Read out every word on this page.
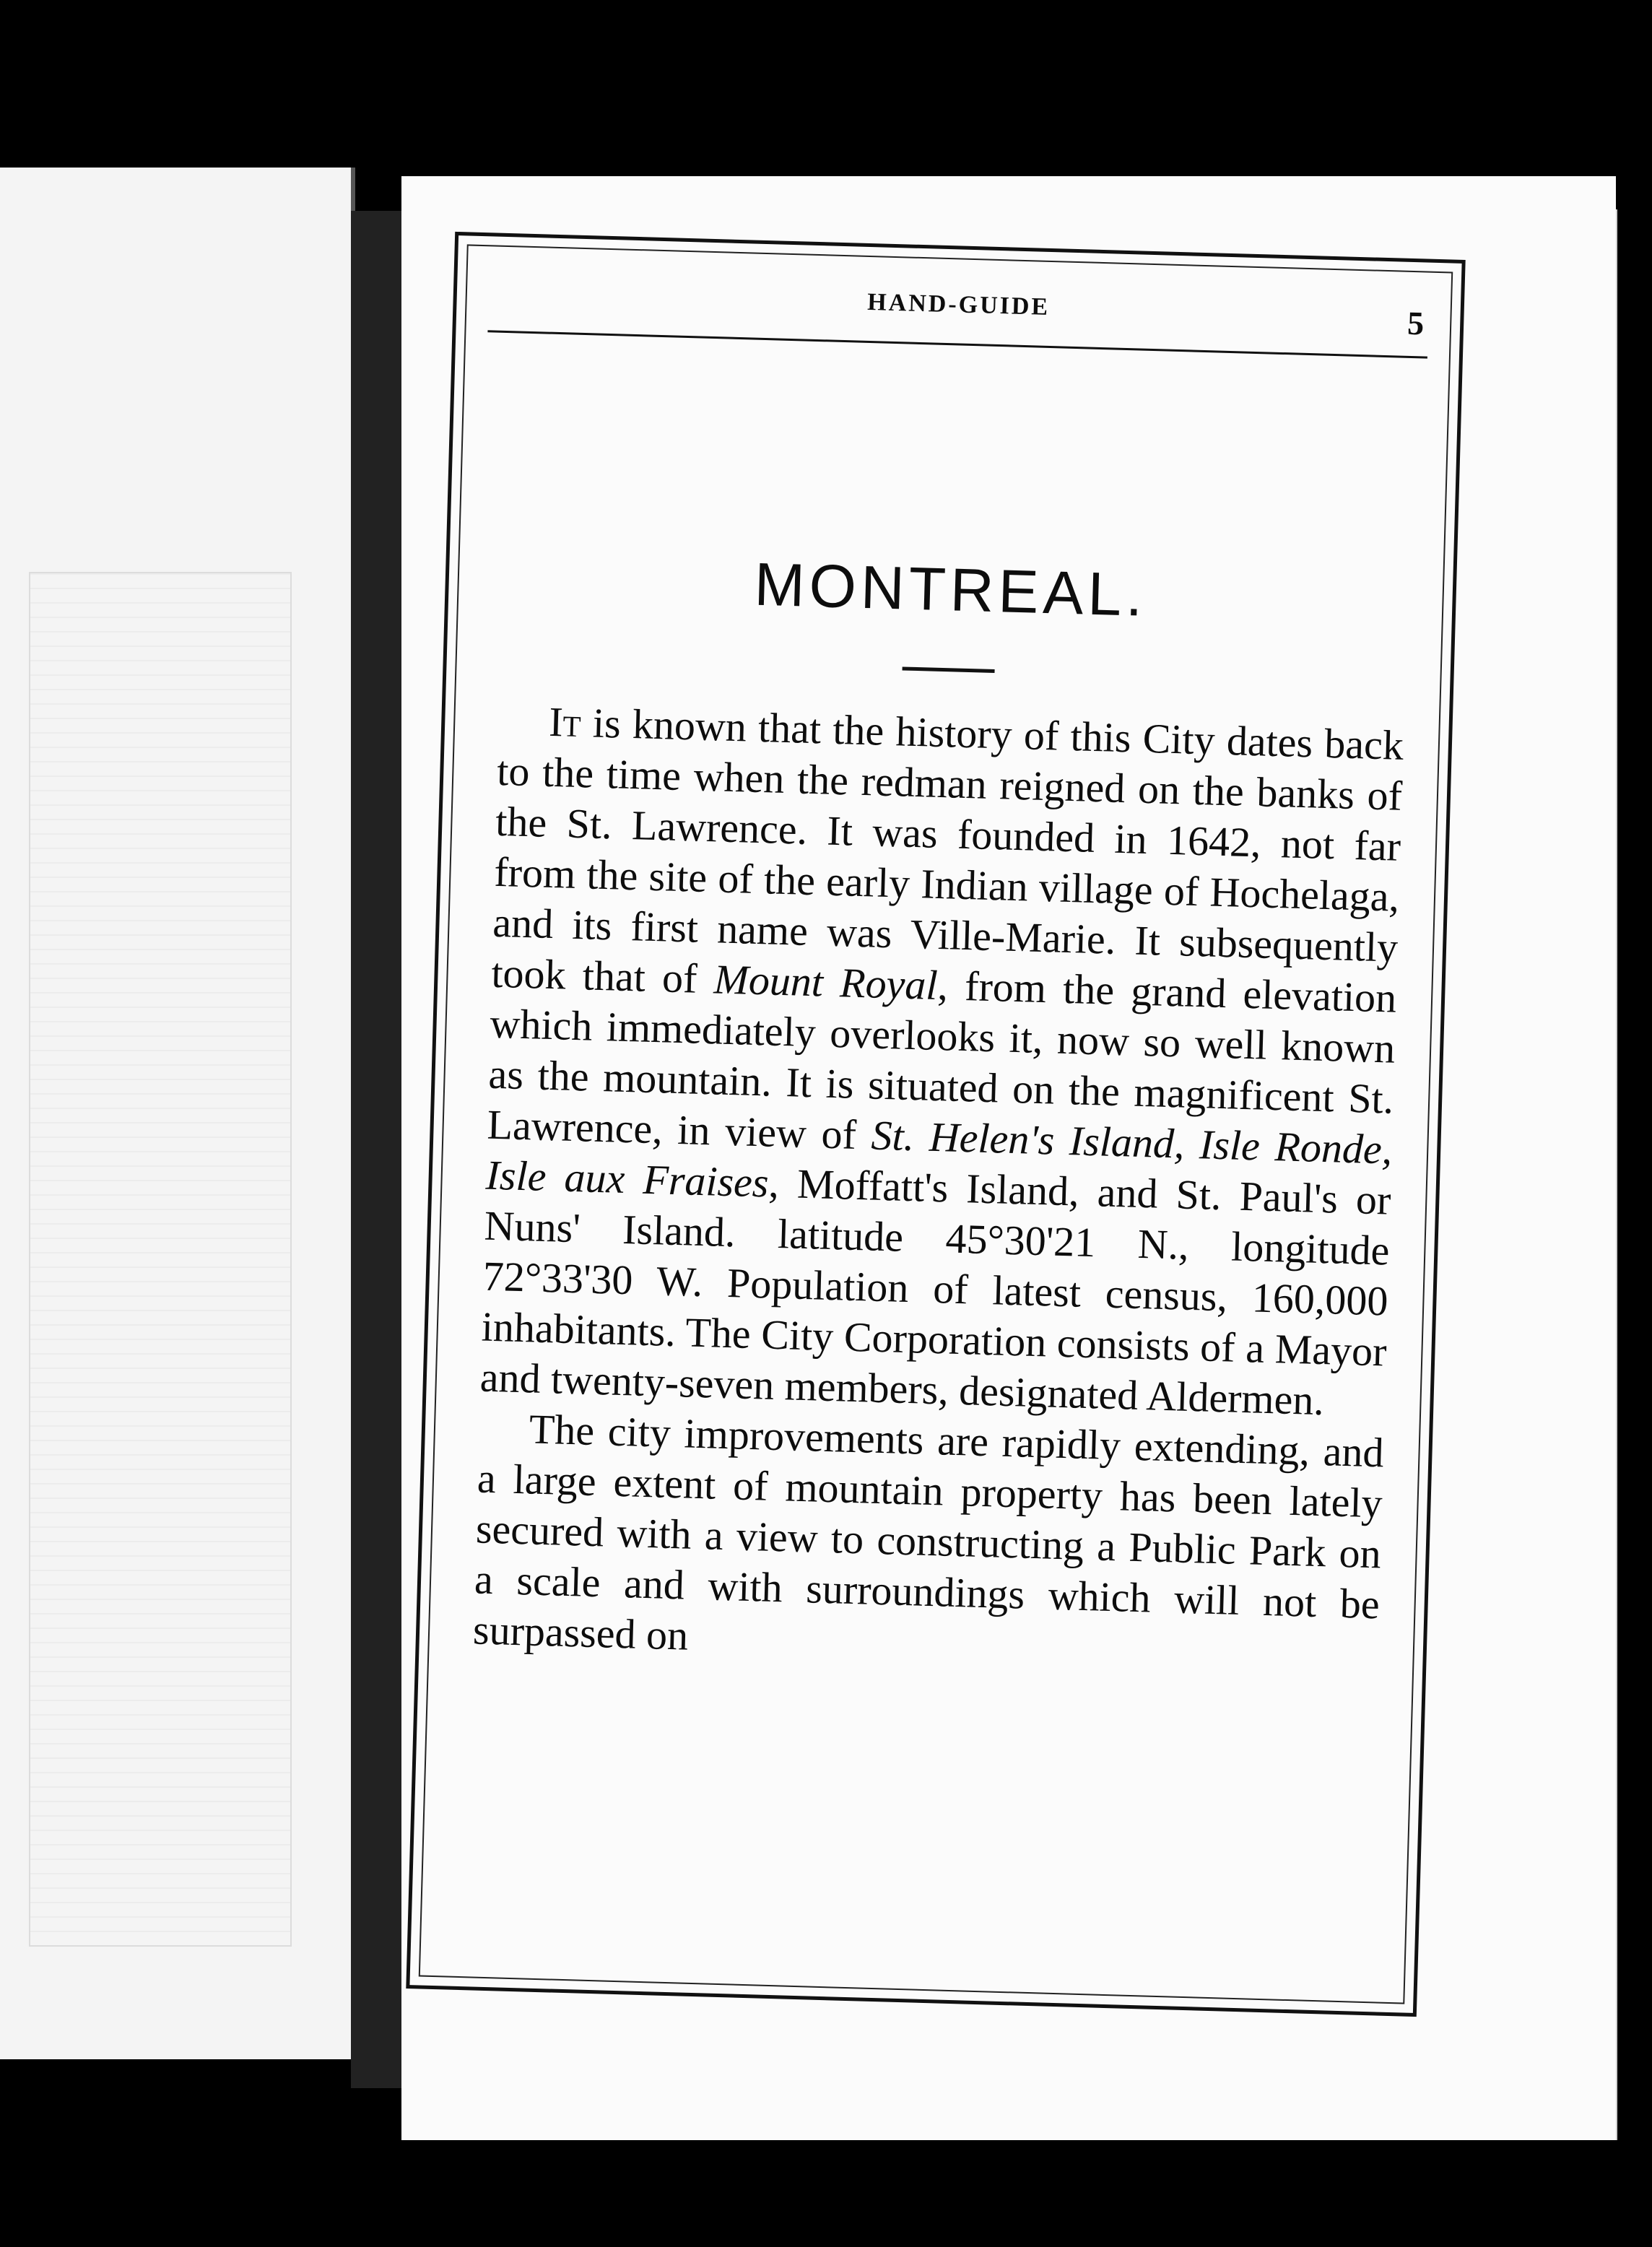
HAND-GUIDE	5
MONTREAL.

It is known that the history of this City dates back to the time when the redman reigned on the banks of the St. Lawrence. It was founded in 1642, not far from the site of the early Indian village of Hochelaga, and its first name was Ville-Marie. It subsequently took that of Mount Royal, from the grand elevation which immediately overlooks it, now so well known as the mountain. It is situated on the magnificent St. Lawrence, in view of St. Helen's Island, Isle Ronde, Isle aux Fraises, Moffatt's Island, and St. Paul's or Nuns' Island. latitude 45°30'21 N., longitude 72°33'30 W. Population of latest census, 160,000 inhabitants. The City Corporation consists of a Mayor and twenty-seven members, designated Aldermen.

The city improvements are rapidly extending, and a large extent of mountain property has been lately secured with a view to constructing a Public Park on a scale and with surroundings which will not be surpassed on
